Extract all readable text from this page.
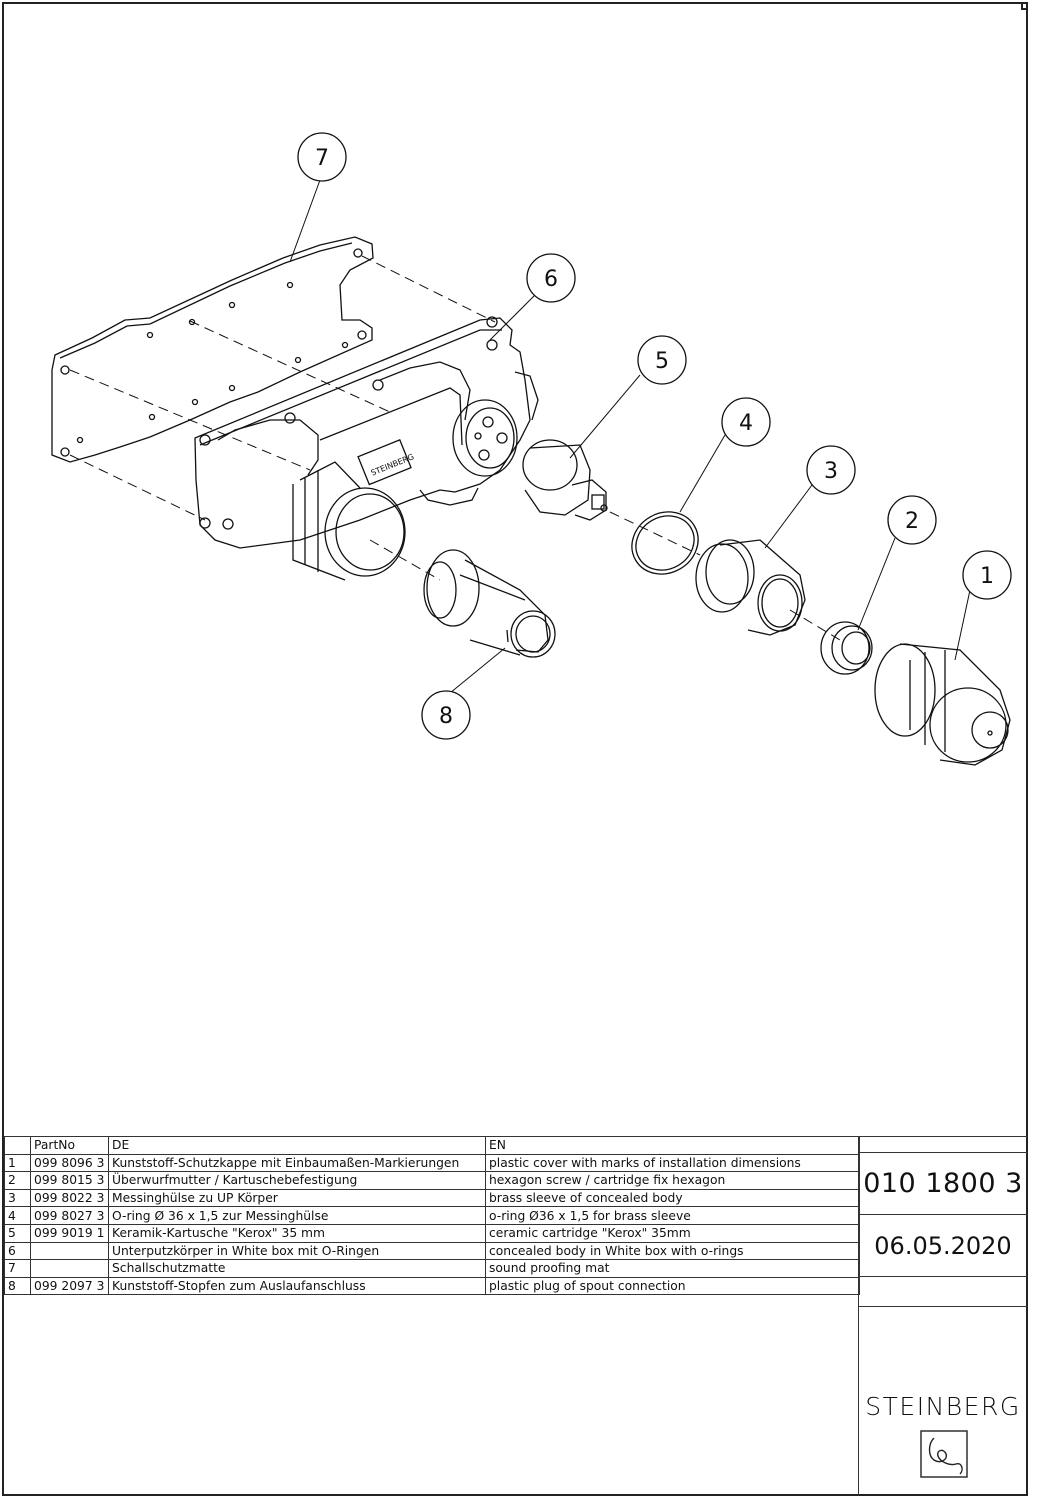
STEINBERG
7
6
5
4
3
2
1
8
	PartNo	DE	EN
1	099 8096 3	Kunststoff-Schutzkappe mit Einbaumaßen-Markierungen	plastic cover with marks of installation dimensions
2	099 8015 3	Überwurfmutter / Kartuschebefestigung	hexagon screw / cartridge fix hexagon
3	099 8022 3	Messinghülse zu UP Körper	brass sleeve of concealed body
4	099 8027 3	O-ring Ø 36 x 1,5 zur Messinghülse	o-ring Ø36 x 1,5 for brass sleeve
5	099 9019 1	Keramik-Kartusche "Kerox" 35 mm	ceramic cartridge "Kerox" 35mm
6		Unterputzkörper in White box mit O-Ringen	concealed body in White box with o-rings
7		Schallschutzmatte	sound proofing mat
8	099 2097 3	Kunststoff-Stopfen zum Auslaufanschluss	plastic plug of spout connection
010 1800 3
06.05.2020
STEINBERG
